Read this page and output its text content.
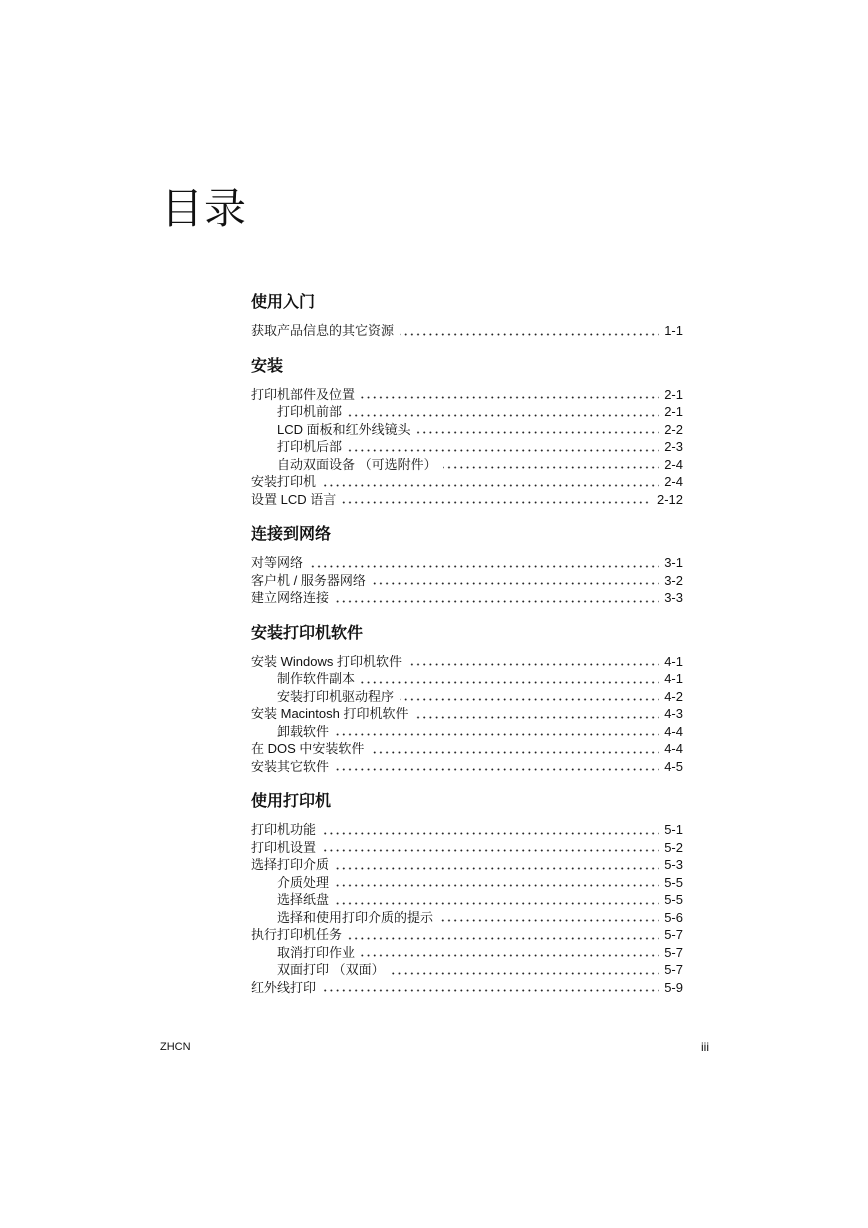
目录
使用入门
获取产品信息的其它资源	1-1
安装
打印机部件及位置	2-1
打印机前部	2-1
LCD 面板和红外线镜头	2-2
打印机后部	2-3
自动双面设备 （可选附件）	2-4
安装打印机	2-4
设置 LCD 语言	2-12
连接到网络
对等网络	3-1
客户机 / 服务器网络	3-2
建立网络连接	3-3
安装打印机软件
安装 Windows 打印机软件	4-1
制作软件副本	4-1
安装打印机驱动程序	4-2
安装 Macintosh 打印机软件	4-3
卸载软件	4-4
在 DOS 中安装软件	4-4
安装其它软件	4-5
使用打印机
打印机功能	5-1
打印机设置	5-2
选择打印介质	5-3
介质处理	5-5
选择纸盘	5-5
选择和使用打印介质的提示	5-6
执行打印机任务	5-7
取消打印作业	5-7
双面打印 （双面）	5-7
红外线打印	5-9
ZHCN	iii
